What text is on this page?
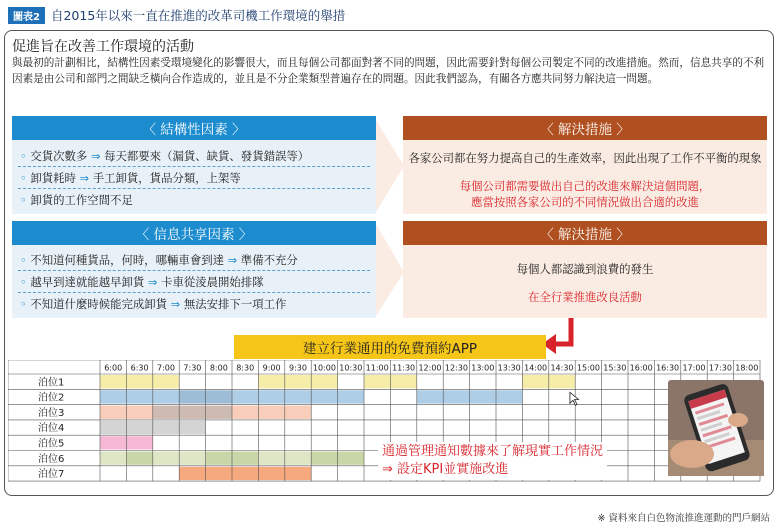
圖表2 自2015年以來一直在推進的改革司機工作環境的舉措
促進旨在改善工作環境的活動
與最初的計劃相比，結構性因素受環境變化的影響很大，而且每個公司都面對著不同的問題，因此需要針對每個公司製定不同的改進措施。然而，信息共享的不利因素是由公司和部門之間缺乏橫向合作造成的，並且是不分企業類型普遍存在的問題。因此我們認為，有關各方應共同努力解決這一問題。
〈 結構性因素 〉
◦ 交貨次數多 ⇒ 每天都要來（漏貨、缺貨、發貨錯誤等）
◦ 卸貨耗時 ⇒ 手工卸貨，貨品分類，上架等
◦ 卸貨的工作空間不足
〈 信息共享因素 〉
◦ 不知道何種貨品，何時，哪輛車會到達 ⇒ 準備不充分
◦ 越早到達就能越早卸貨 ⇒ 卡車從淩晨開始排隊
◦ 不知道什麼時候能完成卸貨 ⇒ 無法安排下一項工作
〈 解決措施 〉
各家公司都在努力提高自己的生產效率，因此出現了工作不平衡的現象
每個公司都需要做出自己的改進來解決這個問題，
應當按照各家公司的不同情況做出合適的改進
〈 解決措施 〉
每個人都認識到浪費的發生
在全行業推進改良活動
建立行業通用的免費預約APP
6:00 6:30 7:00 7:30 8:00 8:30 9:00 9:30 10:00 10:30 11:00 11:30 12:00 12:30 13:00 13:30 14:00 14:30 15:00 15:30 16:00 16:30 17:00 17:30 18:00
泊位1
泊位2
泊位3
泊位4
泊位5
泊位6
泊位7
通過管理通知數據來了解現實工作情況
⇒ 設定KPI並實施改進
※ 資料來自白色物流推進運動的門戶網站
